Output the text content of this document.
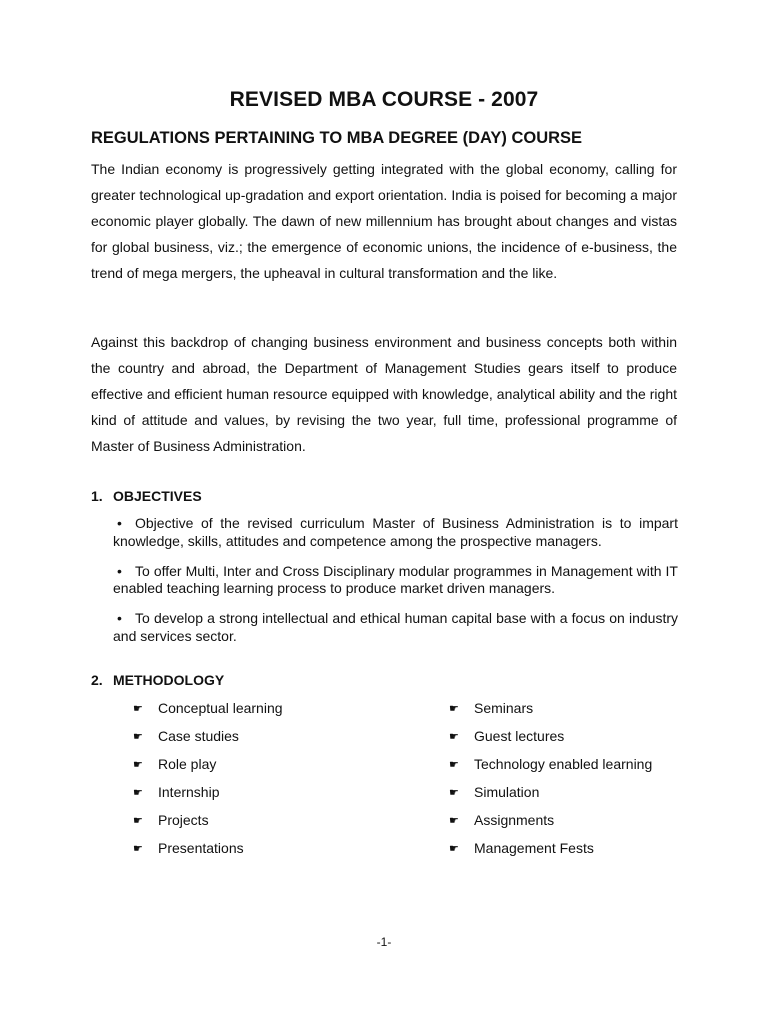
REVISED MBA COURSE - 2007
REGULATIONS PERTAINING TO MBA DEGREE (DAY) COURSE

The Indian economy is progressively getting integrated with the global economy, calling for greater technological up-gradation and export orientation. India is poised for becoming a major economic player globally. The dawn of new millennium has brought about changes and vistas for global business, viz.; the emergence of economic unions, the incidence of e-business, the trend of mega mergers, the upheaval in cultural transformation and the like.

Against this backdrop of changing business environment and business concepts both within the country and abroad, the Department of Management Studies gears itself to produce effective and efficient human resource equipped with knowledge, analytical ability and the right kind of attitude and values, by revising the two year, full time, professional programme of Master of Business Administration.

1. OBJECTIVES
• Objective of the revised curriculum Master of Business Administration is to impart knowledge, skills, attitudes and competence among the prospective managers.
• To offer Multi, Inter and Cross Disciplinary modular programmes in Management with IT enabled teaching learning process to produce market driven managers.
• To develop a strong intellectual and ethical human capital base with a focus on industry and services sector.
2. METHODOLOGY
☛ Conceptual learning
☛ Case studies
☛ Role play
☛ Internship
☛ Projects
☛ Presentations
☛ Seminars
☛ Guest lectures
☛ Technology enabled learning
☛ Simulation
☛ Assignments
☛ Management Fests
-1-
